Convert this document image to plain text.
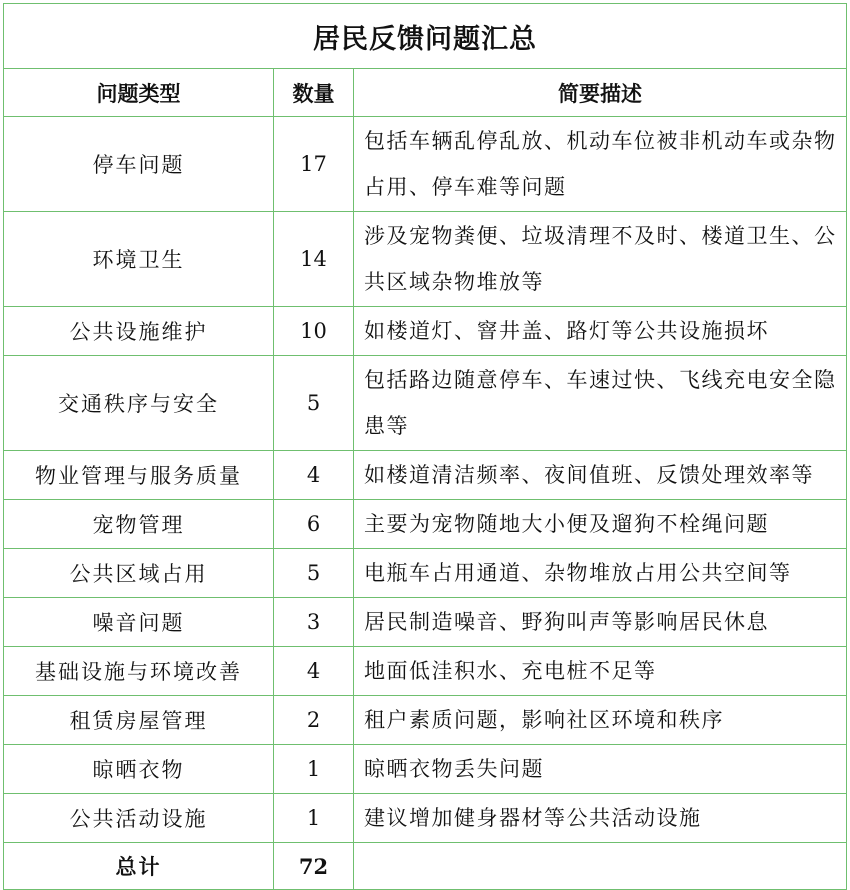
居民反馈问题汇总		
问题类型	数量	简要描述
停车问题	17	包括车辆乱停乱放、机动车位被非机动车或杂物占用、停车难等问题
环境卫生	14	涉及宠物粪便、垃圾清理不及时、楼道卫生、公共区域杂物堆放等
公共设施维护	10	如楼道灯、窨井盖、路灯等公共设施损坏
交通秩序与安全	5	包括路边随意停车、车速过快、飞线充电安全隐患等
物业管理与服务质量	4	如楼道清洁频率、夜间值班、反馈处理效率等
宠物管理	6	主要为宠物随地大小便及遛狗不栓绳问题
公共区域占用	5	电瓶车占用通道、杂物堆放占用公共空间等
噪音问题	3	居民制造噪音、野狗叫声等影响居民休息
基础设施与环境改善	4	地面低洼积水、充电桩不足等
租赁房屋管理	2	租户素质问题，影响社区环境和秩序
晾晒衣物	1	晾晒衣物丢失问题
公共活动设施	1	建议增加健身器材等公共活动设施
总计	72	
